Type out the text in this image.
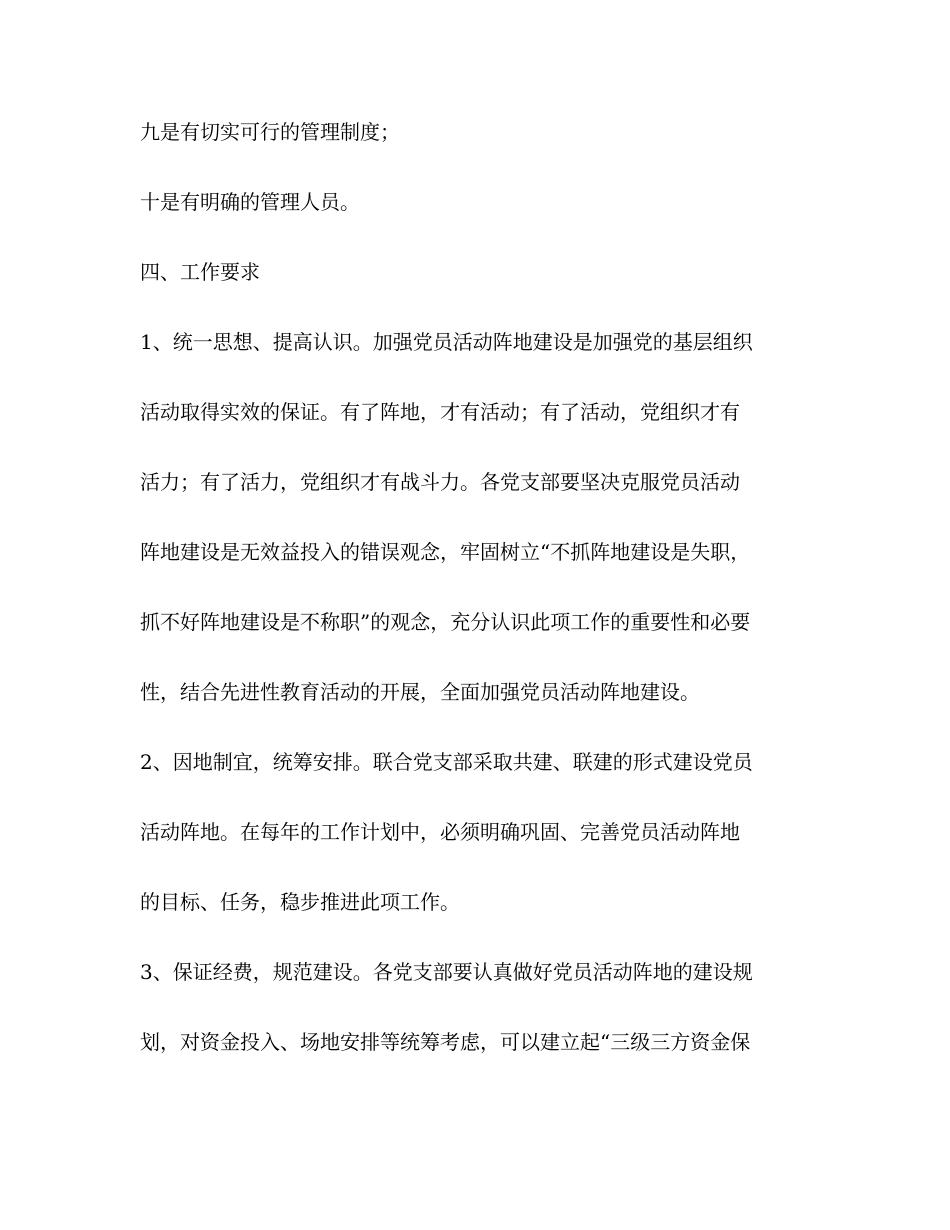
九是有切实可行的管理制度；
十是有明确的管理人员。
四、工作要求
1、统一思想、提高认识。加强党员活动阵地建设是加强党的基层组织
活动取得实效的保证。有了阵地，才有活动；有了活动，党组织才有
活力；有了活力，党组织才有战斗力。各党支部要坚决克服党员活动
阵地建设是无效益投入的错误观念，牢固树立“不抓阵地建设是失职，
抓不好阵地建设是不称职”的观念，充分认识此项工作的重要性和必要
性，结合先进性教育活动的开展，全面加强党员活动阵地建设。
2、因地制宜，统筹安排。联合党支部采取共建、联建的形式建设党员
活动阵地。在每年的工作计划中，必须明确巩固、完善党员活动阵地
的目标、任务，稳步推进此项工作。
3、保证经费，规范建设。各党支部要认真做好党员活动阵地的建设规
划，对资金投入、场地安排等统筹考虑，可以建立起“三级三方资金保
